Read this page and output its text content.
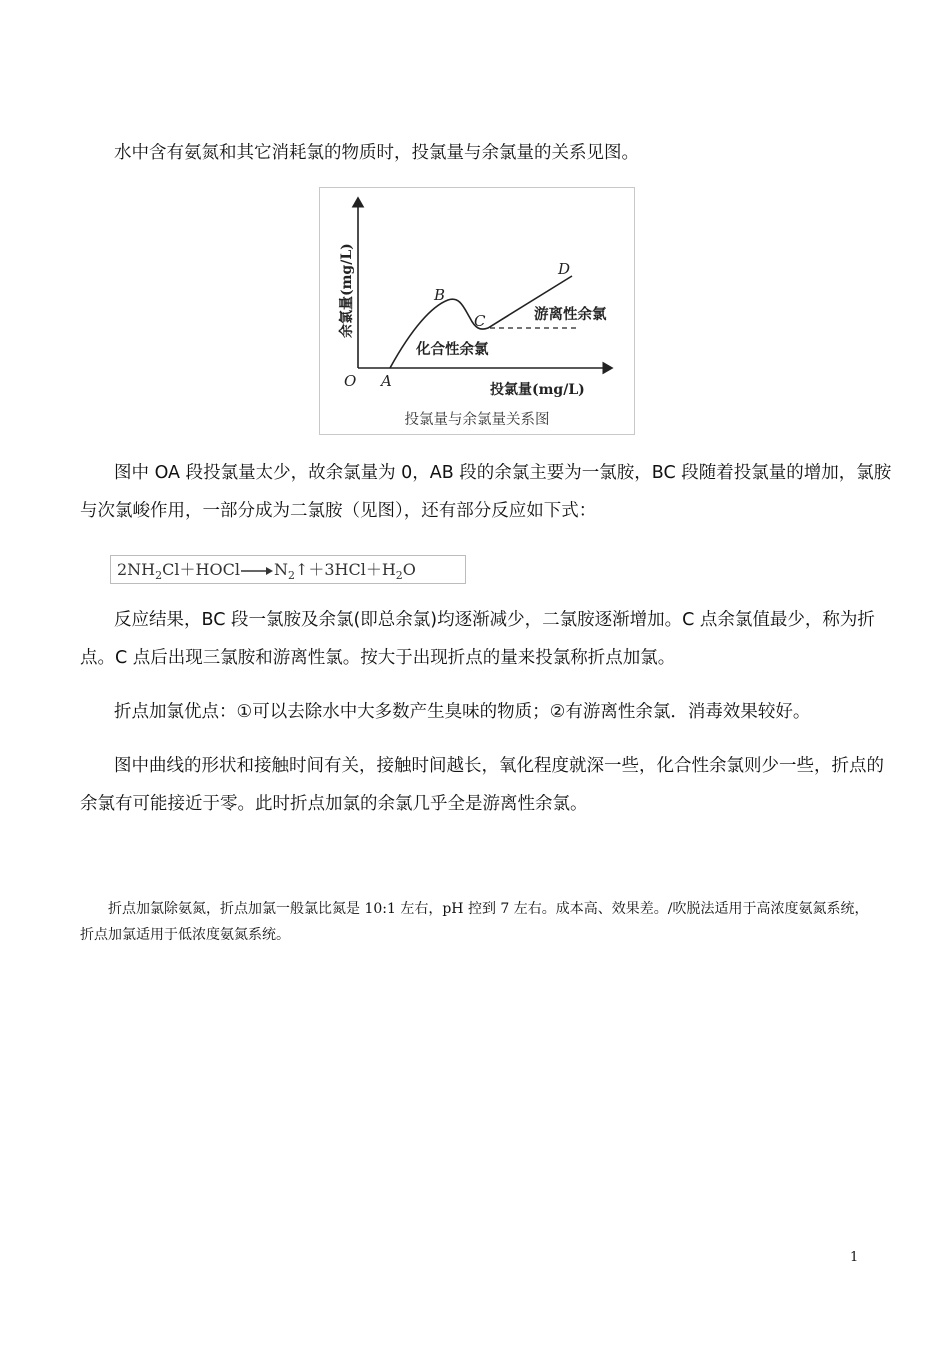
水中含有氨氮和其它消耗氯的物质时，投氯量与余氯量的关系见图。

余氯量(mg/L)
投氯量(mg/L)
O A
B
C
D
游离性余氯
化合性余氯
投氯量与余氯量关系图

图中 OA 段投氯量太少，故余氯量为 0，AB 段的余氯主要为一氯胺，BC 段随着投氯量的增加，氯胺与次氯峻作用，一部分成为二氯胺（见图），还有部分反应如下式：

$2NH_2Cl+HOCl\to N_2↑+3HCl+H_2O$

反应结果，BC 段一氯胺及余氯(即总余氯)均逐渐减少，二氯胺逐渐增加。C 点余氯值最少，称为折点。C 点后出现三氯胺和游离性氯。按大于出现折点的量来投氯称折点加氯。

折点加氯优点：①可以去除水中大多数产生臭味的物质；②有游离性余氯．消毒效果较好。

图中曲线的形状和接触时间有关，接触时间越长，氧化程度就深一些，化合性余氯则少一些，折点的余氯有可能接近于零。此时折点加氯的余氯几乎全是游离性余氯。

折点加氯除氨氮，折点加氯一般氯比氮是 10:1 左右，pH 控到 7 左右。成本高、效果差。/吹脱法适用于高浓度氨氮系统，折点加氯适用于低浓度氨氮系统。

1
